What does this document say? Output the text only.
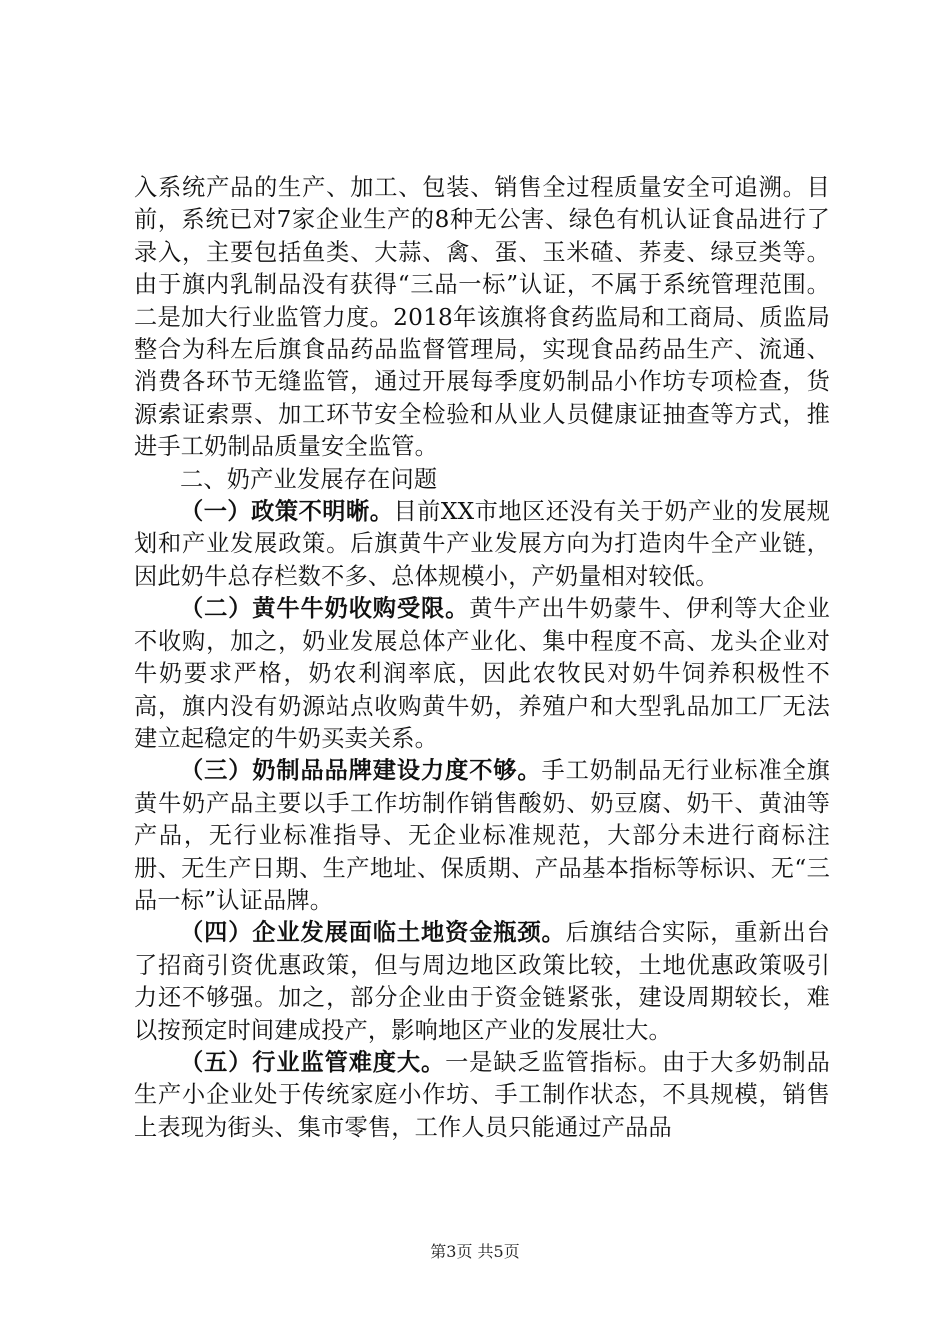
入系统产品的生产、加工、包装、销售全过程质量安全可追溯。目前，系统已对7家企业生产的8种无公害、绿色有机认证食品进行了录入，主要包括鱼类、大蒜、禽、蛋、玉米碴、荞麦、绿豆类等。由于旗内乳制品没有获得“三品一标”认证，不属于系统管理范围。二是加大行业监管力度。2018年该旗将食药监局和工商局、质监局整合为科左后旗食品药品监督管理局，实现食品药品生产、流通、消费各环节无缝监管，通过开展每季度奶制品小作坊专项检查，货源索证索票、加工环节安全检验和从业人员健康证抽查等方式，推进手工奶制品质量安全监管。

二、奶产业发展存在问题

（一）政策不明晰。目前XX市地区还没有关于奶产业的发展规划和产业发展政策。后旗黄牛产业发展方向为打造肉牛全产业链，因此奶牛总存栏数不多、总体规模小，产奶量相对较低。

（二）黄牛牛奶收购受限。黄牛产出牛奶蒙牛、伊利等大企业不收购，加之，奶业发展总体产业化、集中程度不高、龙头企业对牛奶要求严格，奶农利润率底，因此农牧民对奶牛饲养积极性不高，旗内没有奶源站点收购黄牛奶，养殖户和大型乳品加工厂无法建立起稳定的牛奶买卖关系。

（三）奶制品品牌建设力度不够。手工奶制品无行业标准全旗黄牛奶产品主要以手工作坊制作销售酸奶、奶豆腐、奶干、黄油等产品，无行业标准指导、无企业标准规范，大部分未进行商标注册、无生产日期、生产地址、保质期、产品基本指标等标识、无“三品一标”认证品牌。

（四）企业发展面临土地资金瓶颈。后旗结合实际，重新出台了招商引资优惠政策，但与周边地区政策比较，土地优惠政策吸引力还不够强。加之，部分企业由于资金链紧张，建设周期较长，难以按预定时间建成投产，影响地区产业的发展壮大。

（五）行业监管难度大。一是缺乏监管指标。由于大多奶制品生产小企业处于传统家庭小作坊、手工制作状态，不具规模，销售上表现为街头、集市零售，工作人员只能通过产品品

第3页 共5页
